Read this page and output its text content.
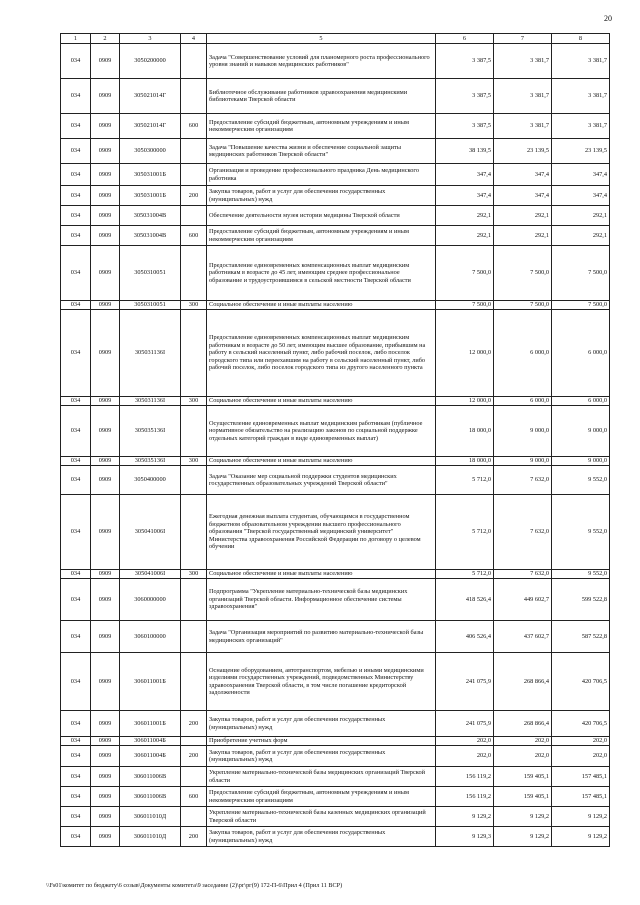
20
1	2	3	4	5	6	7	8
034	0909	3050200000		Задача "Совершенствование условий для планомерного роста профессионального уровня знаний и навыков медицинских работников"	3 387,5	3 381,7	3 381,7
034	0909	305021014Г		Библиотечное обслуживание работников здравоохранения медицинскими библиотеками Тверской области	3 387,5	3 381,7	3 381,7
034	0909	305021014Г	600	Предоставление субсидий бюджетным, автономным учреждениям и иным некоммерческим организациям	3 387,5	3 381,7	3 381,7
034	0909	3050300000		Задача "Повышение качества жизни и обеспечение социальной защиты медицинских работников Тверской области"	38 139,5	23 139,5	23 139,5
034	0909	305031001Б		Организация и проведение профессионального праздника День медицинского работника	347,4	347,4	347,4
034	0909	305031001Б	200	Закупка товаров, работ и услуг для обеспечения государственных (муниципальных) нужд	347,4	347,4	347,4
034	0909	305031004В		Обеспечение деятельности музея истории медицины Тверской области	292,1	292,1	292,1
034	0909	305031004В	600	Предоставление субсидий бюджетным, автономным учреждениям и иным некоммерческим организациям	292,1	292,1	292,1
034	0909	3050310051		Предоставление единовременных компенсационных выплат медицинским работникам в возрасте до 45 лет, имеющим среднее профессиональное образование и трудоустроившимся в сельской местности Тверской области	7 500,0	7 500,0	7 500,0
034	0909	3050310051	300	Социальное обеспечение и иные выплаты населению	7 500,0	7 500,0	7 500,0
034	0909	305031136I		Предоставление единовременных компенсационных выплат медицинским работникам в возрасте до 50 лет, имеющим высшее образование, прибывшим на работу в сельский населенный пункт, либо рабочий поселок, либо поселок городского типа или переехавшим на работу в сельский населенный пункт, либо рабочий поселок, либо поселок городского типа из другого населенного пункта	12 000,0	6 000,0	6 000,0
034	0909	305031136I	300	Социальное обеспечение и иные выплаты населению	12 000,0	6 000,0	6 000,0
034	0909	305035136I		Осуществление единовременных выплат медицинским работникам (публичное нормативное обязательство на реализацию законов по социальной поддержке отдельных категорий граждан в виде единовременных выплат)	18 000,0	9 000,0	9 000,0
034	0909	305035136I	300	Социальное обеспечение и иные выплаты населению	18 000,0	9 000,0	9 000,0
034	0909	3050400000		Задача "Оказание мер социальной поддержки студентов медицинских государственных образовательных учреждений Тверской области"	5 712,0	7 632,0	9 552,0
034	0909	305041006I		Ежегодная денежная выплата студентам, обучающимся в государственном бюджетном образовательном учреждении высшего профессионального образования "Тверской государственный медицинский университет" Министерства здравоохранения Российской Федерации по договору о целевом обучении	5 712,0	7 632,0	9 552,0
034	0909	305041006I	300	Социальное обеспечение и иные выплаты населению	5 712,0	7 632,0	9 552,0
034	0909	3060000000		Подпрограмма "Укрепление материально-технической базы медицинских организаций Тверской области. Информационное обеспечение системы здравоохранения"	418 526,4	449 602,7	599 522,8
034	0909	3060100000		Задача "Организация мероприятий по развитию материально-технической базы медицинских организаций"	406 526,4	437 602,7	587 522,8
034	0909	306011001Б		Оснащение оборудованием, автотранспортом, мебелью и иными медицинскими изделиями государственных учреждений, подведомственных Министерству здравоохранения Тверской области, в том числе погашение кредиторской задолженности	241 075,9	268 866,4	420 706,5
034	0909	306011001Б	200	Закупка товаров, работ и услуг для обеспечения государственных (муниципальных) нужд	241 075,9	268 866,4	420 706,5
034	0909	306011004Б		Приобретение учетных форм	202,0	202,0	202,0
034	0909	306011004Б	200	Закупка товаров, работ и услуг для обеспечения государственных (муниципальных) нужд	202,0	202,0	202,0
034	0909	306011006В		Укрепление материально-технической базы медицинских организаций Тверской области	156 119,2	159 405,1	157 485,1
034	0909	306011006В	600	Предоставление субсидий бюджетным, автономным учреждениям и иным некоммерческим организациям	156 119,2	159 405,1	157 485,1
034	0909	306011010Д		Укрепление материально-технической базы казенных медицинских организаций Тверской области	9 129,2	9 129,2	9 129,2
034	0909	306011010Д	200	Закупка товаров, работ и услуг для обеспечения государственных (муниципальных) нужд	9 129,3	9 129,2	9 129,2
\\Fs01\комитет по бюджету\6 созыв\Документы комитета\9 заседание (2)\рг\рг(9) 172-П-6\Прил 4 (Прил 11 ВСР)
